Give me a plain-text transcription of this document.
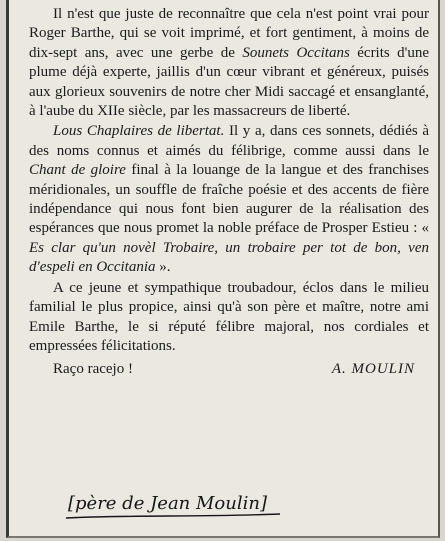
Il n'est que juste de reconnaître que cela n'est point vrai pour Roger Barthe, qui se voit imprimé, et fort gentiment, à moins de dix-sept ans, avec une gerbe de Sounets Occitans écrits d'une plume déjà experte, jaillis d'un cœur vibrant et généreux, puisés aux glorieux souvenirs de notre cher Midi saccagé et ensanglanté, à l'aube du XIIe siècle, par les massacreurs de liberté.

Lous Chaplaires de libertat. Il y a, dans ces sonnets, dédiés à des noms connus et aimés du félibrige, comme aussi dans le Chant de gloire final à la louange de la langue et des franchises méridionales, un souffle de fraîche poésie et des accents de fière indépendance qui nous font bien augurer de la réalisation des espérances que nous promet la noble préface de Prosper Estieu : « Es clar qu'un novèl Trobaire, un trobaire per tot de bon, ven d'espeli en Occitania ».

A ce jeune et sympathique troubadour, éclos dans le milieu familial le plus propice, ainsi qu'à son père et maître, notre ami Emile Barthe, le si réputé félibre majoral, nos cordiales et empressées félicitations.

Raço racejo !	A. MOULIN
[père de Jean Moulin]
